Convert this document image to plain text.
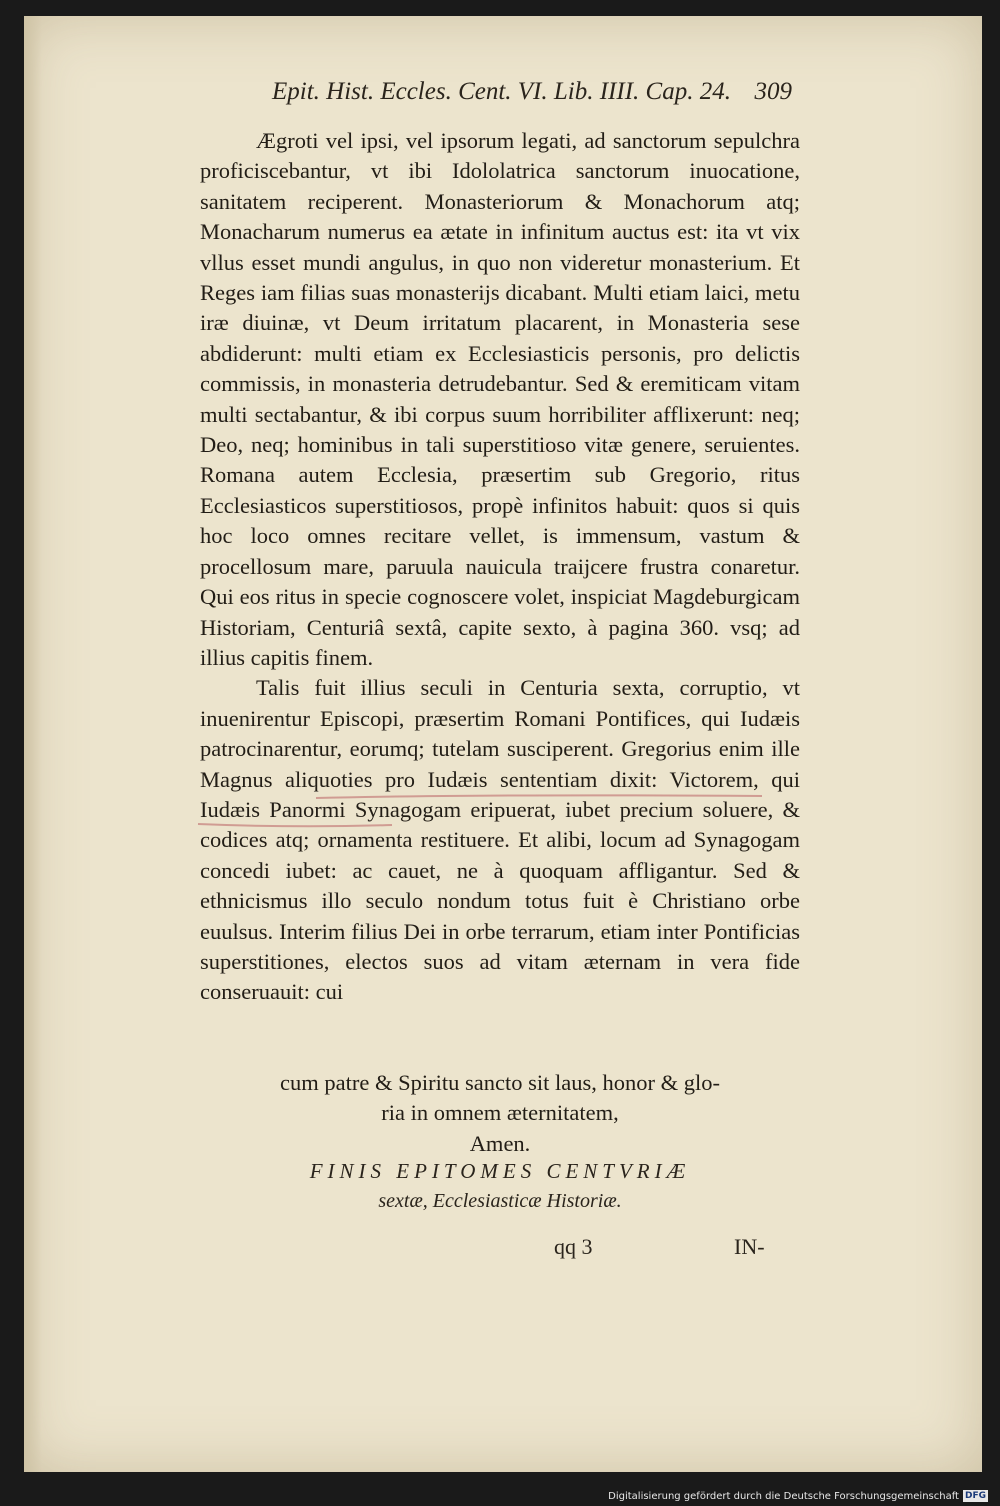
Epit. Hist. Eccles. Cent. VI. Lib. IIII. Cap. 24. 309

Ægroti vel ipsi, vel ipsorum legati, ad sanctorum sepulchra proficiscebantur, vt ibi Idololatrica sanctorum inuocatione, sanitatem reciperent. Monasteriorum & Monachorum atq; Monacharum numerus ea ætate in infinitum auctus est: ita vt vix vllus esset mundi angulus, in quo non videretur monasterium. Et Reges iam filias suas monasterijs dicabant. Multi etiam laici, metu iræ diuinæ, vt Deum irritatum placarent, in Monasteria sese abdiderunt: multi etiam ex Ecclesiasticis personis, pro delictis commissis, in monasteria detrudebantur. Sed & eremiticam vitam multi sectabantur, & ibi corpus suum horribiliter afflixerunt: neq; Deo, neq; hominibus in tali superstitioso vitæ genere, seruientes. Romana autem Ecclesia, præsertim sub Gregorio, ritus Ecclesiasticos superstitiosos, propè infinitos habuit: quos si quis hoc loco omnes recitare vellet, is immensum, vastum & procellosum mare, paruula nauicula traijcere frustra conaretur. Qui eos ritus in specie cognoscere volet, inspiciat Magdeburgicam Historiam, Centuriâ sextâ, capite sexto, à pagina 360. vsq; ad illius capitis finem.

Talis fuit illius seculi in Centuria sexta, corruptio, vt inuenirentur Episcopi, præsertim Romani Pontifices, qui Iudæis patrocinarentur, eorumq; tutelam susciperent. Gregorius enim ille Magnus aliquoties pro Iudæis sententiam dixit: Victorem, qui Iudæis Panormi Synagogam eripuerat, iubet precium soluere, & codices atq; ornamenta restituere. Et alibi, locum ad Synagogam concedi iubet: ac cauet, ne à quoquam affligantur. Sed & ethnicismus illo seculo nondum totus fuit è Christiano orbe euulsus. Interim filius Dei in orbe terrarum, etiam inter Pontificias superstitiones, electos suos ad vitam æternam in vera fide conseruauit: cui

cum patre & Spiritu sancto sit laus, honor & glo-
ria in omnem æternitatem,
Amen.
FINIS EPITOMES CENTVRIÆ
sextæ, Ecclesiasticæ Historiæ.
qq 3	IN-
Digitalisierung gefördert durch die Deutsche Forschungsgemeinschaft DFG
